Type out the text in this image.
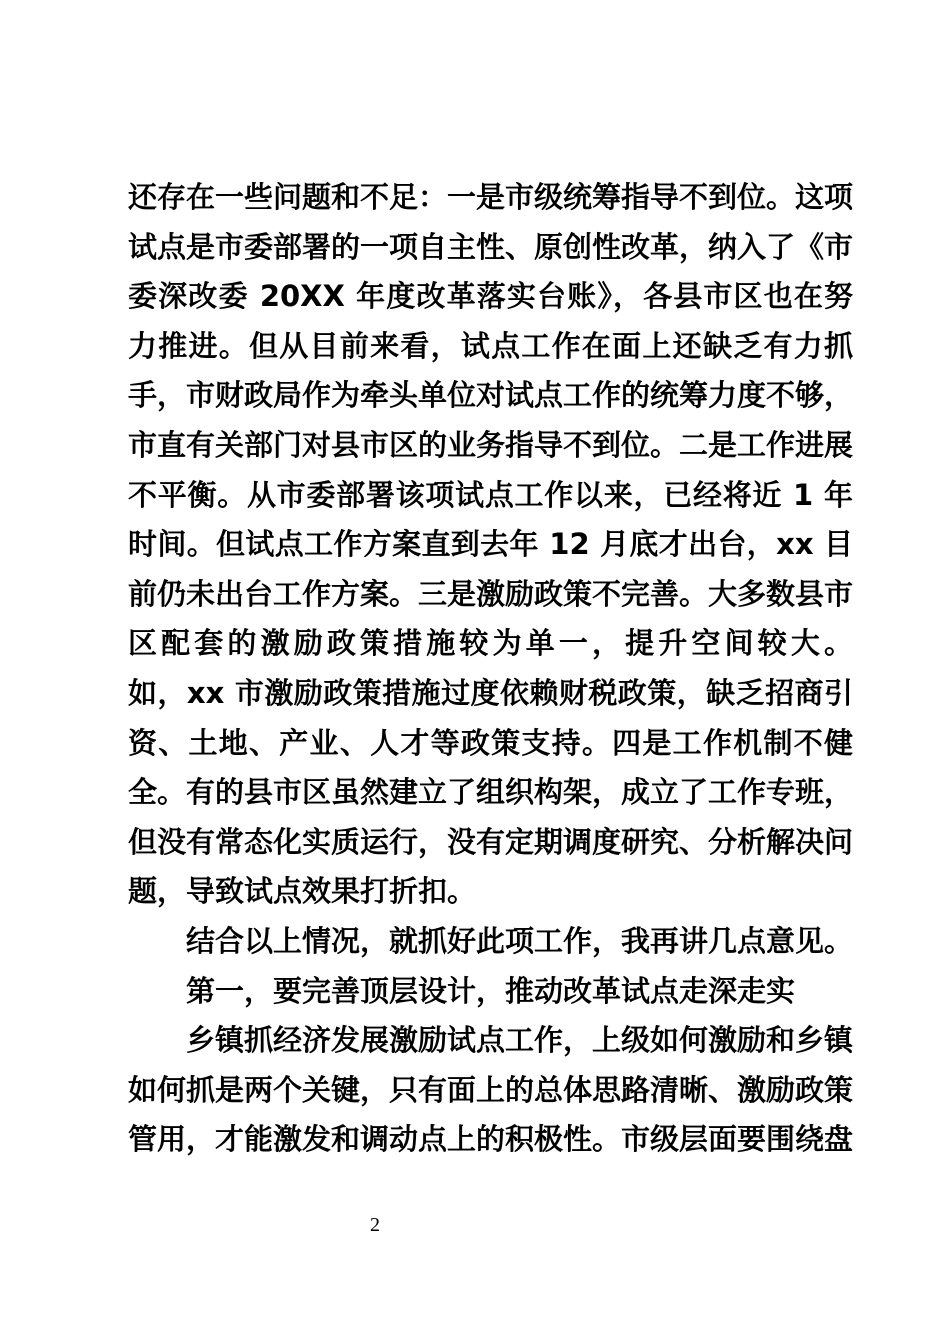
还存在一些问题和不足：一是市级统筹指导不到位。这项
试点是市委部署的一项自主性、原创性改革，纳入了《市
委深改委 20XX 年度改革落实台账》，各县市区也在努
力推进。但从目前来看，试点工作在面上还缺乏有力抓
手，市财政局作为牵头单位对试点工作的统筹力度不够，
市直有关部门对县市区的业务指导不到位。二是工作进展
不平衡。从市委部署该项试点工作以来，已经将近 1 年
时间。但试点工作方案直到去年 12 月底才出台，xx 目
前仍未出台工作方案。三是激励政策不完善。大多数县市
区配套的激励政策措施较为单一，提升空间较大。
如，xx 市激励政策措施过度依赖财税政策，缺乏招商引
资、土地、产业、人才等政策支持。四是工作机制不健
全。有的县市区虽然建立了组织构架，成立了工作专班，
但没有常态化实质运行，没有定期调度研究、分析解决问
题，导致试点效果打折扣。
结合以上情况，就抓好此项工作，我再讲几点意见。
第一，要完善顶层设计，推动改革试点走深走实
乡镇抓经济发展激励试点工作，上级如何激励和乡镇
如何抓是两个关键，只有面上的总体思路清晰、激励政策
管用，才能激发和调动点上的积极性。市级层面要围绕盘
2
